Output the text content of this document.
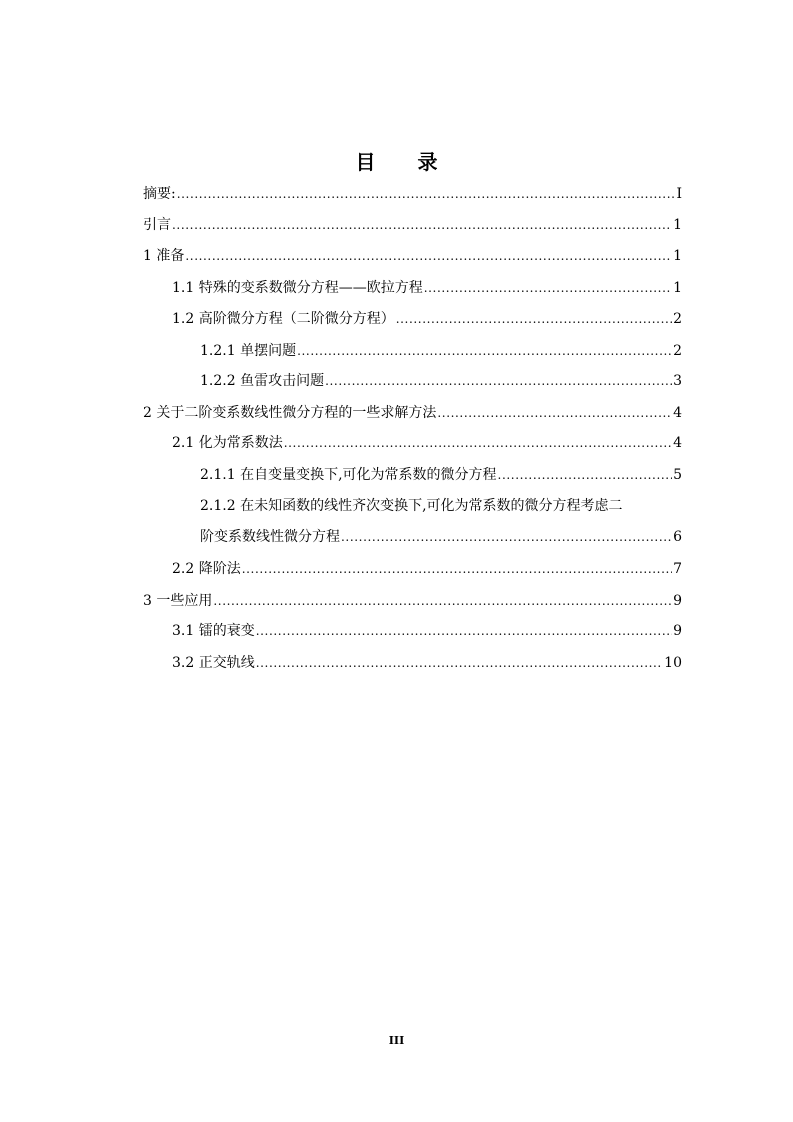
目 录
摘要: .....	I
引言 .....	1
1 准备 .....	1
1.1 特殊的变系数微分方程——欧拉方程 .....	1
1.2 高阶微分方程（二阶微分方程） .....	2
1.2.1 单摆问题 .....	2
1.2.2 鱼雷攻击问题 .....	3
2 关于二阶变系数线性微分方程的一些求解方法 .....	4
2.1 化为常系数法 .....	4
2.1.1 在自变量变换下,可化为常系数的微分方程 .....	5
2.1.2 在未知函数的线性齐次变换下,可化为常系数的微分方程考虑二
阶变系数线性微分方程 .....	6
2.2 降阶法 .....	7
3 一些应用 .....	9
3.1 镭的衰变 .....	9
3.2 正交轨线 .....	10
III
